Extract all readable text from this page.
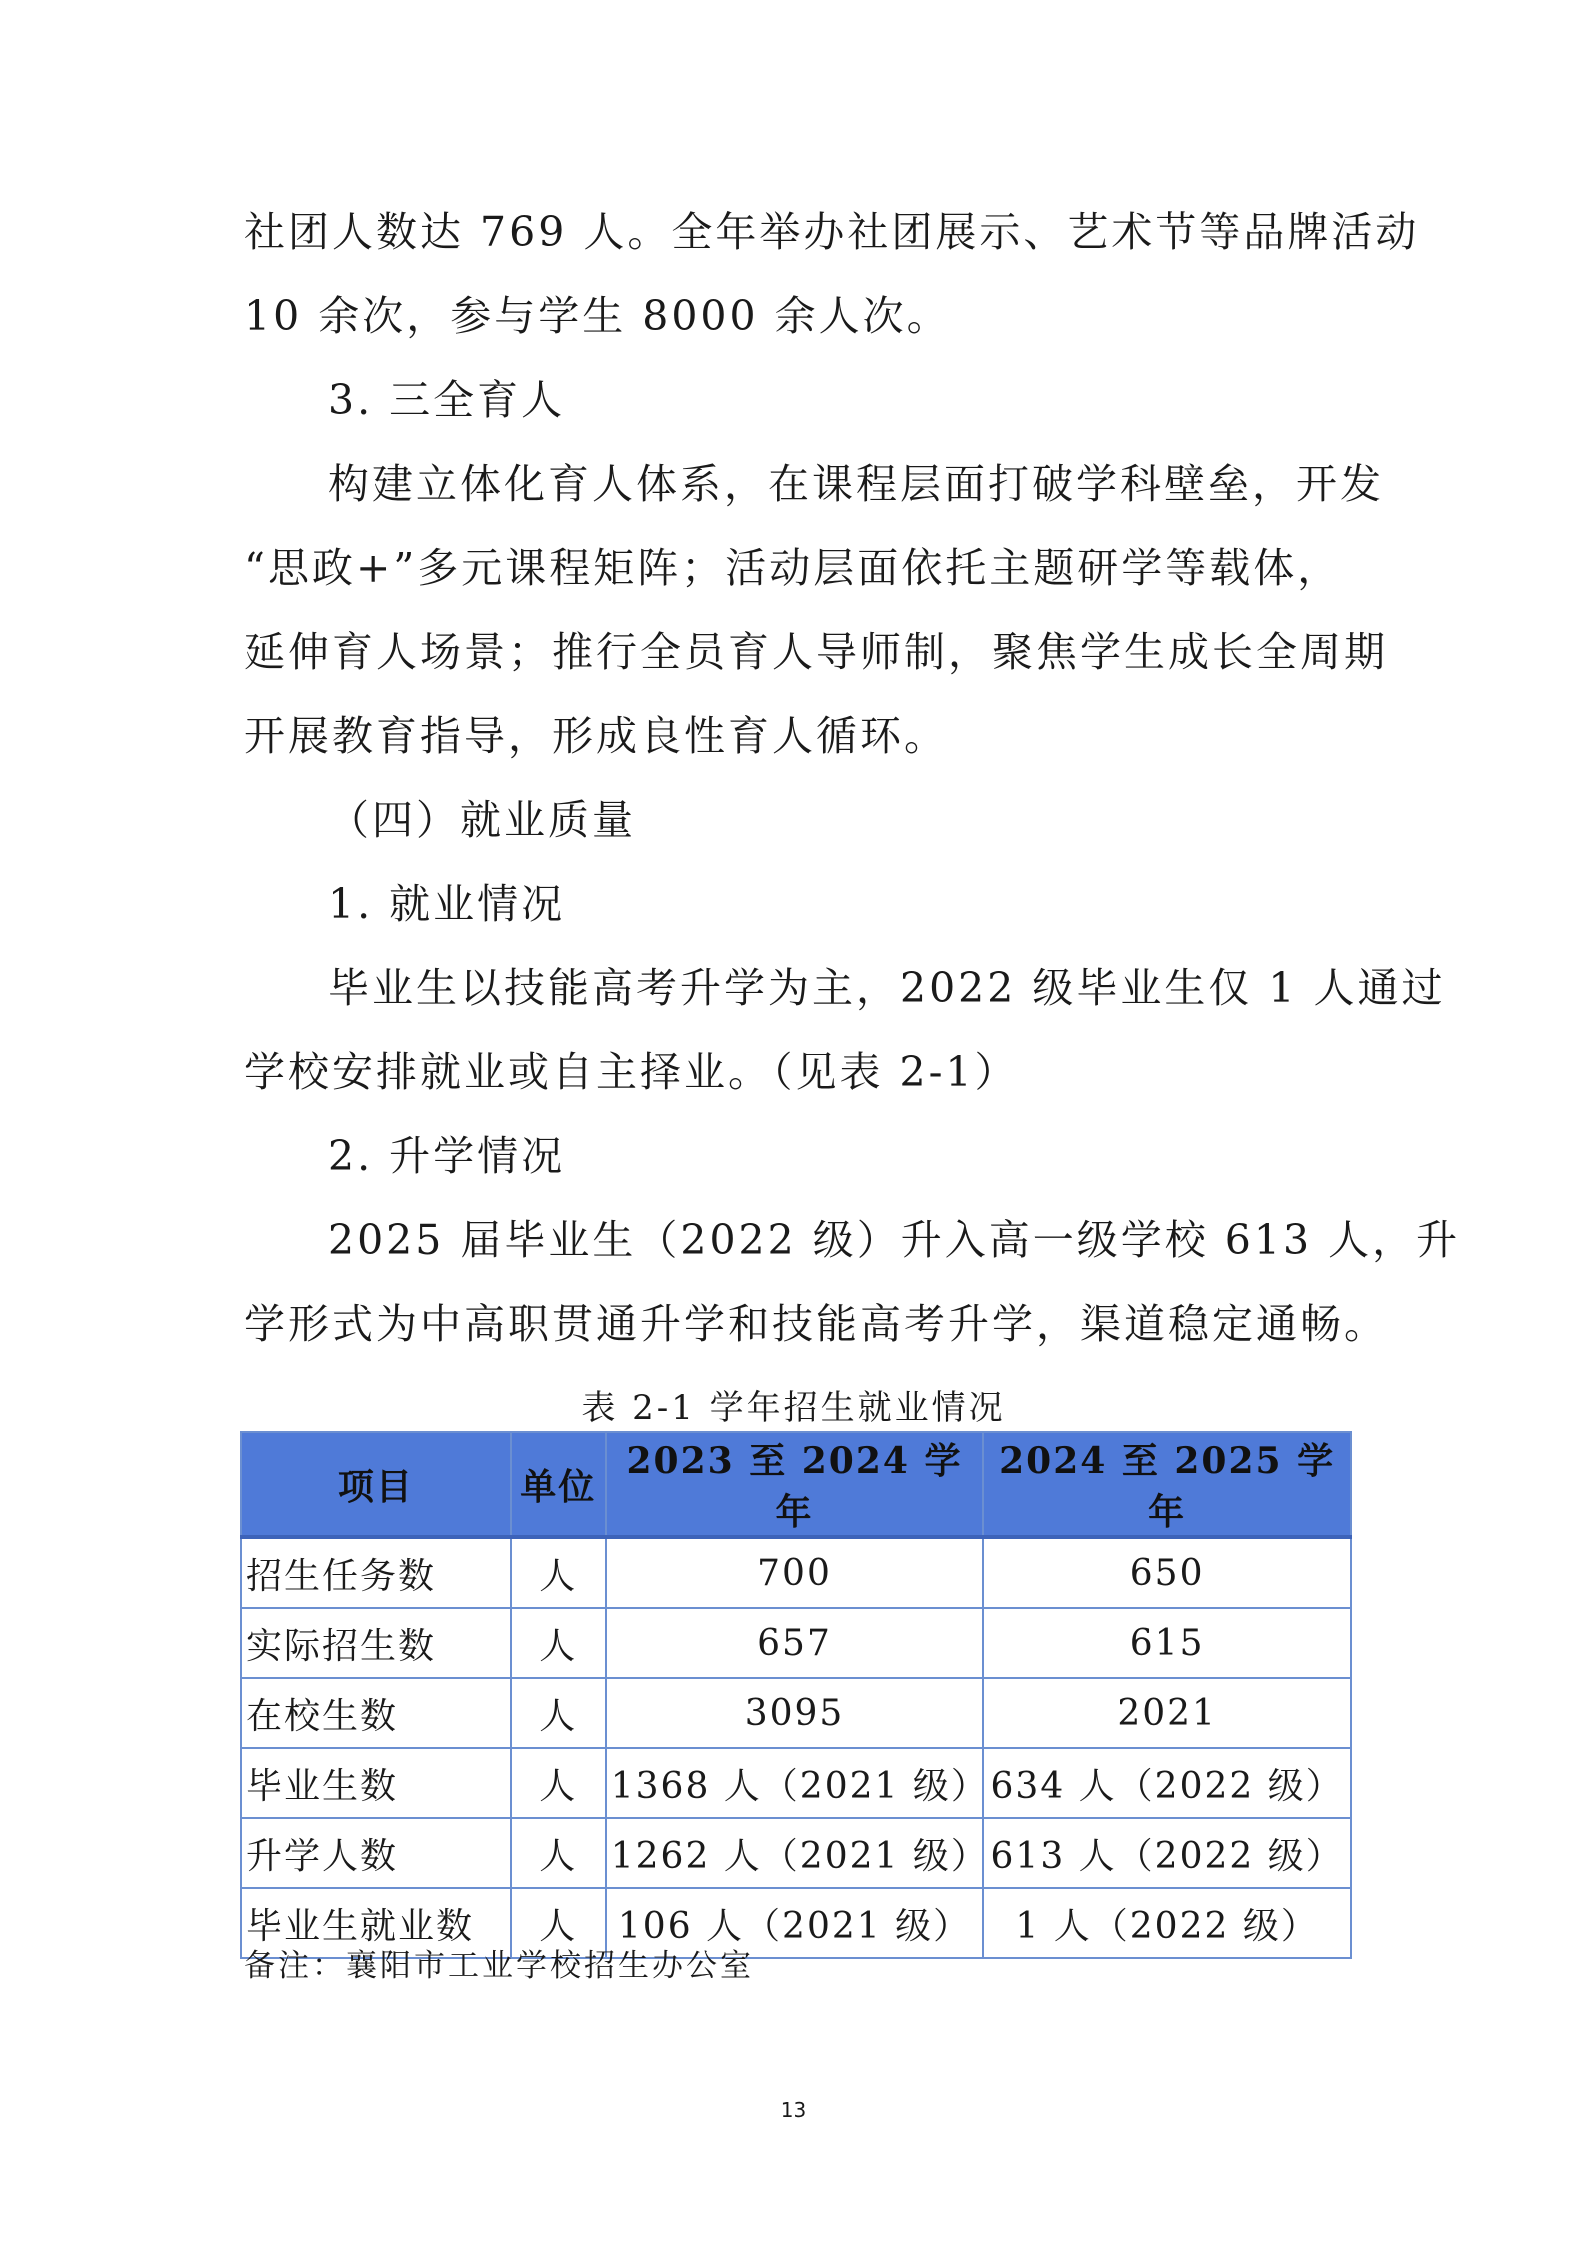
社团人数达 769 人。全年举办社团展示、艺术节等品牌活动
10 余次，参与学生 8000 余人次。
3. 三全育人
构建立体化育人体系，在课程层面打破学科壁垒，开发
“思政+”多元课程矩阵；活动层面依托主题研学等载体，
延伸育人场景；推行全员育人导师制，聚焦学生成长全周期
开展教育指导，形成良性育人循环。
（四）就业质量
1. 就业情况
毕业生以技能高考升学为主，2022 级毕业生仅 1 人通过
学校安排就业或自主择业。（见表 2-1）
2. 升学情况
2025 届毕业生（2022 级）升入高一级学校 613 人，升
学形式为中高职贯通升学和技能高考升学，渠道稳定通畅。
表 2-1 学年招生就业情况
项目	单位	2023 至 2024 学年	2024 至 2025 学年
招生任务数	人	700	650
实际招生数	人	657	615
在校生数	人	3095	2021
毕业生数	人	1368 人（2021 级）	634 人（2022 级）
升学人数	人	1262 人（2021 级）	613 人（2022 级）
毕业生就业数	人	106 人（2021 级）	1 人（2022 级）
备注：襄阳市工业学校招生办公室
13
